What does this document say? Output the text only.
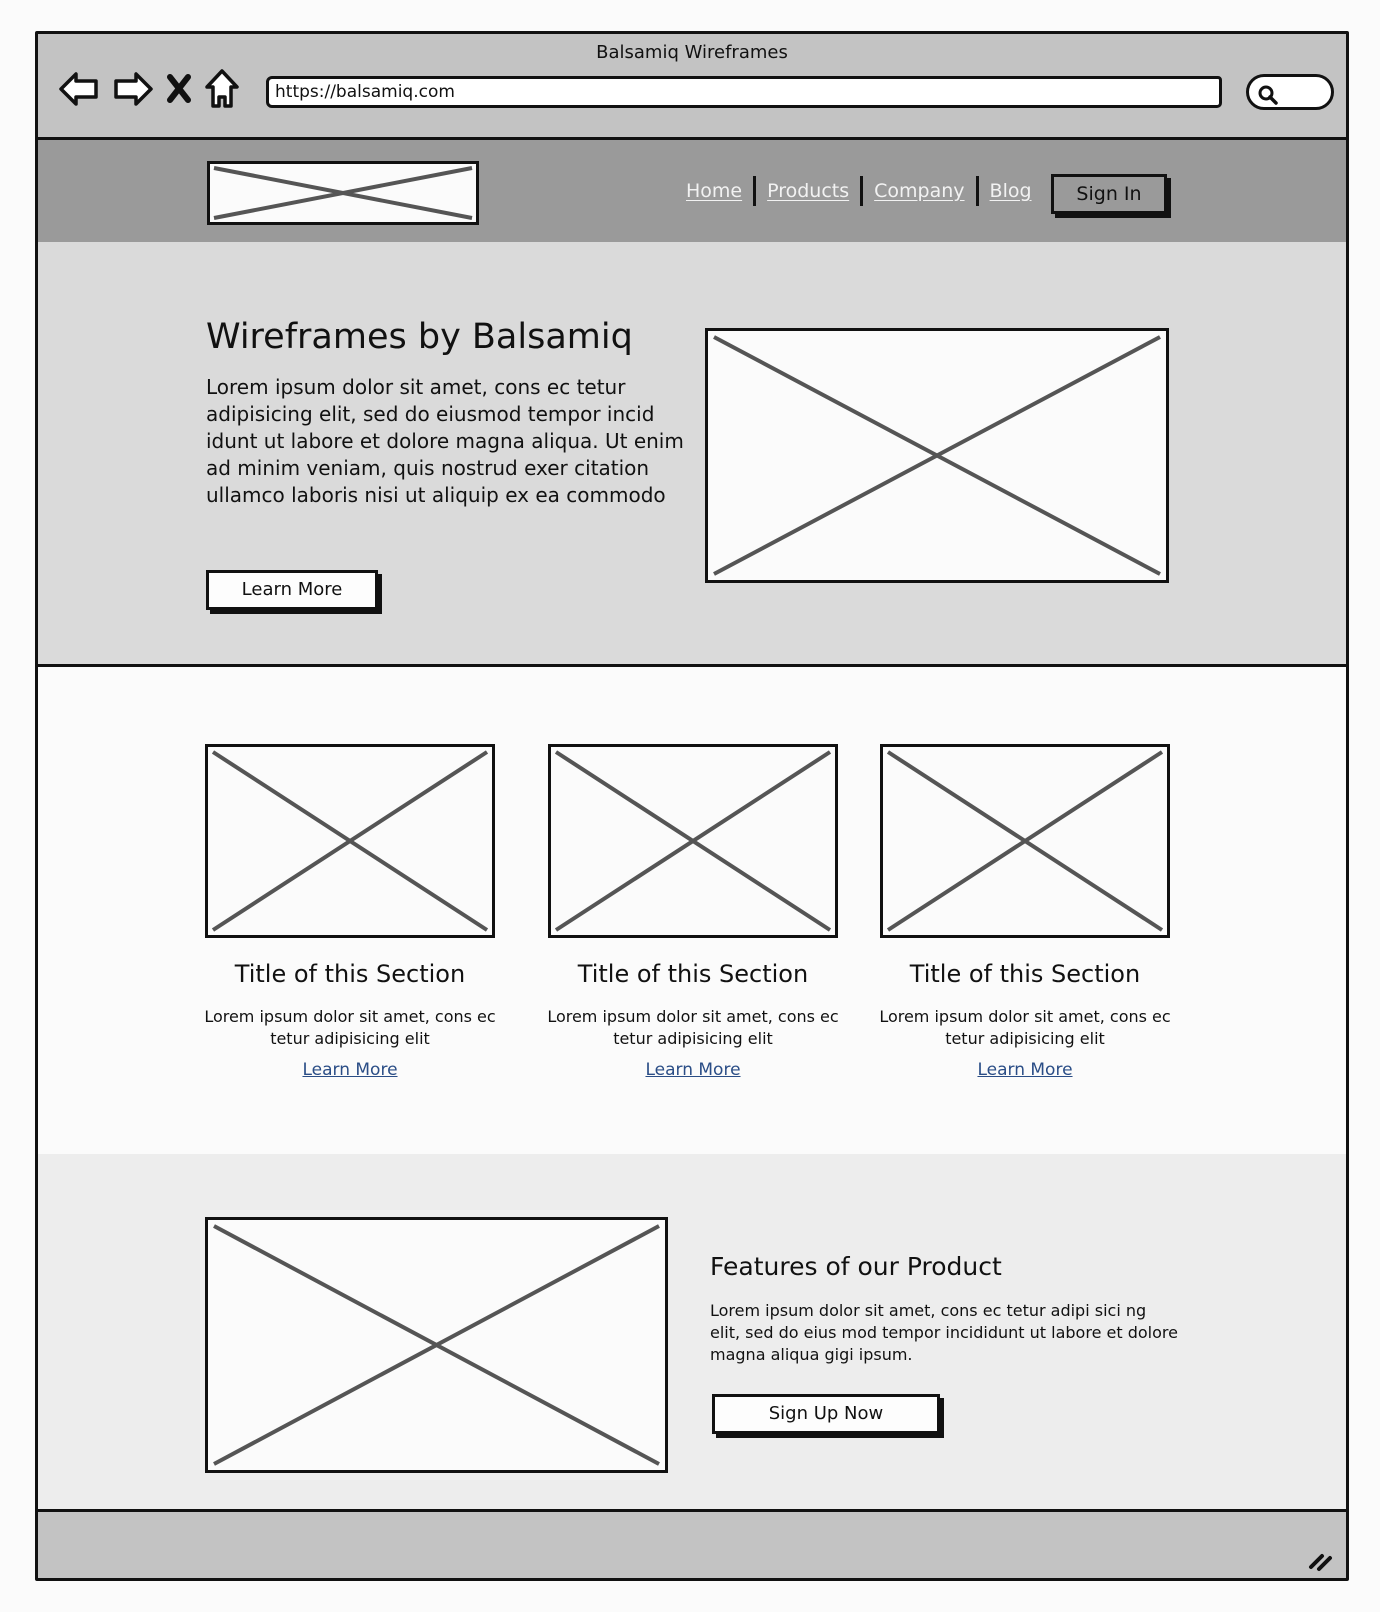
Balsamiq Wireframes
https://balsamiq.com
Home	Products	Company	Blog	Sign In
Wireframes by Balsamiq
Lorem ipsum dolor sit amet, cons ec tetur adipisicing elit, sed do eiusmod tempor incid idunt ut labore et dolore magna aliqua. Ut enim ad minim veniam, quis nostrud exer citation ullamco laboris nisi ut aliquip ex ea commodo
Learn More
Title of this Section
Lorem ipsum dolor sit amet, cons ec tetur adipisicing elit
Learn More
Title of this Section
Lorem ipsum dolor sit amet, cons ec tetur adipisicing elit
Learn More
Title of this Section
Lorem ipsum dolor sit amet, cons ec tetur adipisicing elit
Learn More
Features of our Product
Lorem ipsum dolor sit amet, cons ec tetur adipi sici ng elit, sed do eius mod tempor incididunt ut labore et dolore magna aliqua gigi ipsum.
Sign Up Now
